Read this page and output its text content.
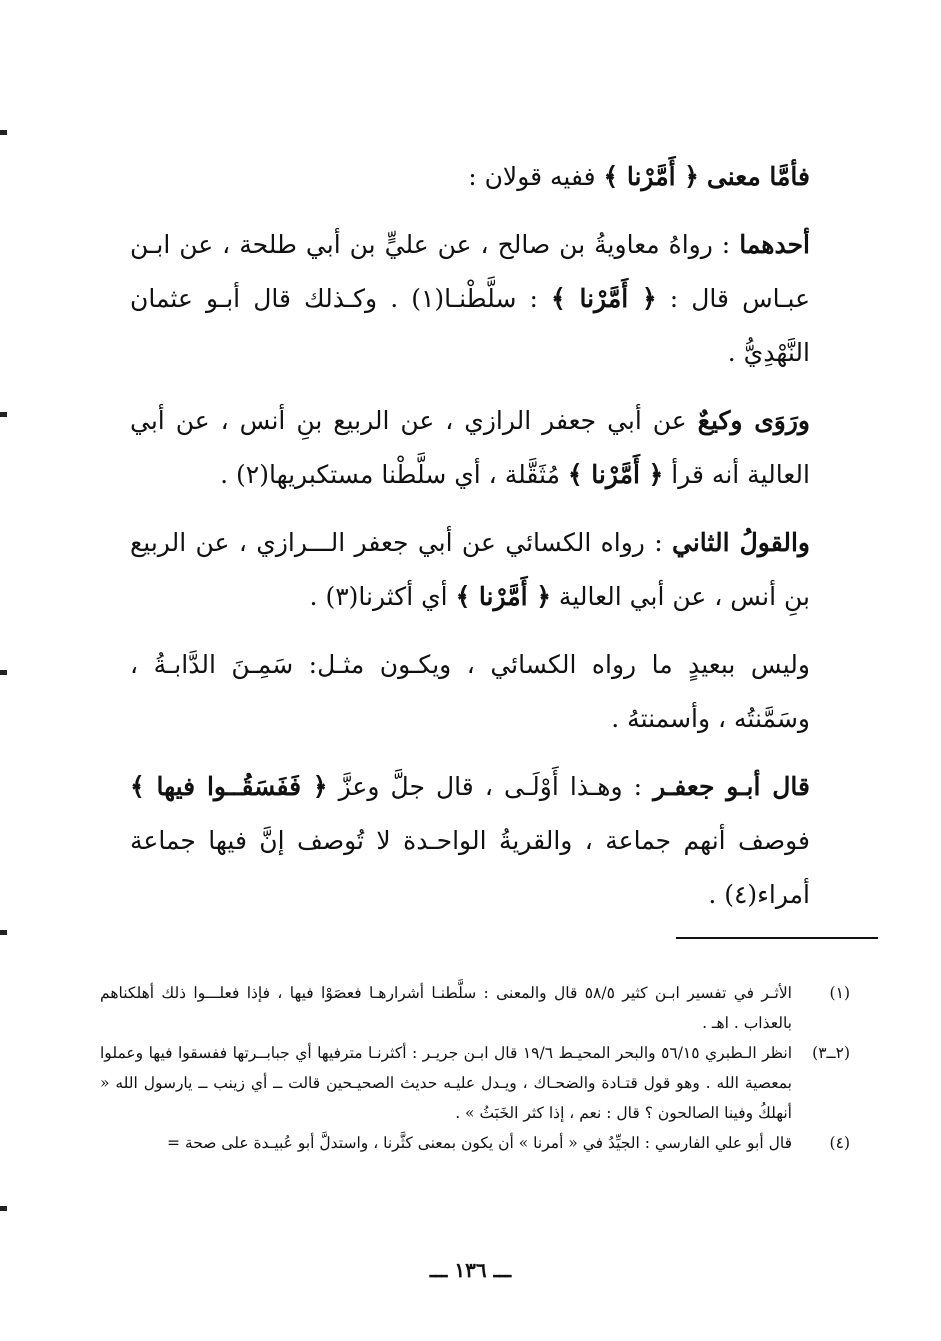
فأمَّا معنى ﴿ أَمَّرْنا ﴾ ففيه قولان :

أحدهما : رواهُ معاويةُ بن صالح ، عن عليٍّ بن أبي طلحة ، عن ابـن عبـاس قال : ﴿ أَمَّرْنا ﴾ : سلَّطْنـا(١) . وكـذلك قال أبـو عثمان النَّهْدِيُّ .

ورَوَى وكيعٌ عن أبي جعفر الرازي ، عن الربيع بنِ أنس ، عن أبي العالية أنه قرأ ﴿ أَمَّرْنا ﴾ مُثَقَّلة ، أي سلَّطْنا مستكبريها(٢) .

والقولُ الثاني : رواه الكسائي عن أبي جعفر الـــرازي ، عن الربيع بنِ أنس ، عن أبي العالية ﴿ أَمَّرْنا ﴾ أي أكثرنا(٣) .

وليس ببعيدٍ ما رواه الكسائي ، ويكـون مثـل: سَمِـنَ الدَّابـةُ ، وسَمَّنتُه ، وأسمنتهُ .

قال أبـو جعفـر : وهـذا أَوْلَـى ، قال جلَّ وعزَّ ﴿ فَفَسَقُــوا فيها ﴾ فوصف أنهم جماعة ، والقريةُ الواحـدة لا تُوصف إنَّ فيها جماعة أمراء(٤) .

(١)
الأثـر في تفسير ابـن كثير ٥٨/٥ قال والمعنى : سلَّطنـا أشرارهـا فعصَوْا فيها ، فإذا فعلـــوا ذلك أهلكناهم بالعذاب . اهـ .
(٢ــ٣)
انظر الـطبري ٥٦/١٥ والبحر المحيـط ١٩/٦ قال ابـن جريـر : أكثرنـا مترفيها أي جبابــرتها ففسقوا فيها وعملوا بمعصية الله . وهو قول قتـادة والضحـاك ، ويـدل عليـه حديث الصحيـحين قالت ــ أي زينب ــ يارسول الله « أنهلكُ وفينا الصالحون ؟ قال : نعم ، إذا كثر الخَبَثُ » .
(٤)
قال أبو علي الفارسي : الجيِّدُ في « أمرنا » أن يكون بمعنى كثَّرنا ، واستدلَّ أبو عُبيـدة على صحة =
ـــ ١٣٦ ـــ
